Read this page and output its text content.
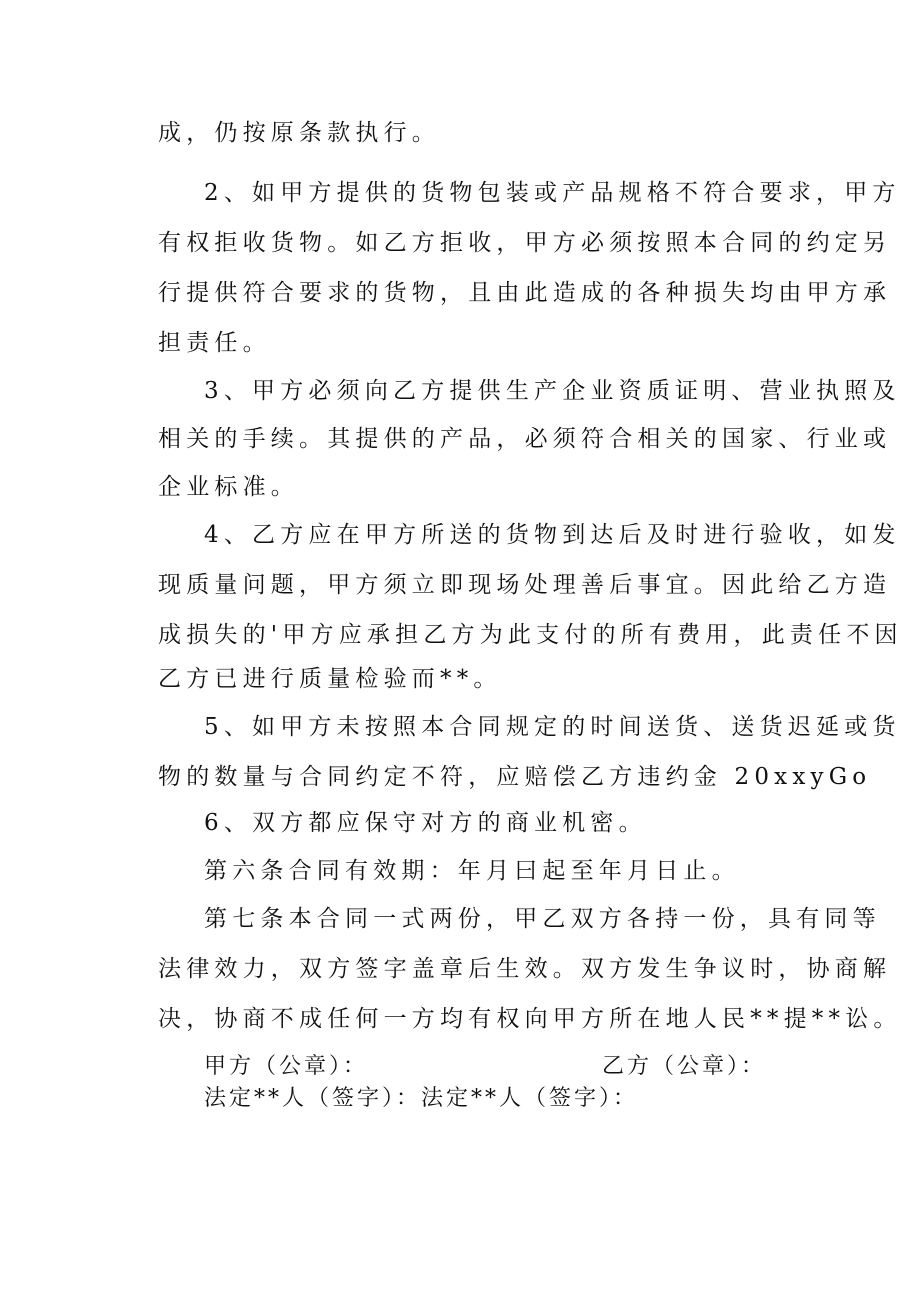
成，仍按原条款执行。
2、如甲方提供的货物包装或产品规格不符合要求，甲方
有权拒收货物。如乙方拒收，甲方必须按照本合同的约定另
行提供符合要求的货物，且由此造成的各种损失均由甲方承
担责任。
3、甲方必须向乙方提供生产企业资质证明、营业执照及
相关的手续。其提供的产品，必须符合相关的国家、行业或
企业标准。
4、乙方应在甲方所送的货物到达后及时进行验收，如发
现质量问题，甲方须立即现场处理善后事宜。因此给乙方造
成损失的'甲方应承担乙方为此支付的所有费用，此责任不因
乙方已进行质量检验而**。
5、如甲方未按照本合同规定的时间送货、送货迟延或货
物的数量与合同约定不符，应赔偿乙方违约金 20xxyGo
6、双方都应保守对方的商业机密。
第六条合同有效期：年月曰起至年月日止。
第七条本合同一式两份，甲乙双方各持一份，具有同等
法律效力，双方签字盖章后生效。双方发生争议时，协商解
决，协商不成任何一方均有权向甲方所在地人民**提**讼。
甲方（公章）：	乙方（公章）：
法定**人（签字）：法定**人（签字）：
